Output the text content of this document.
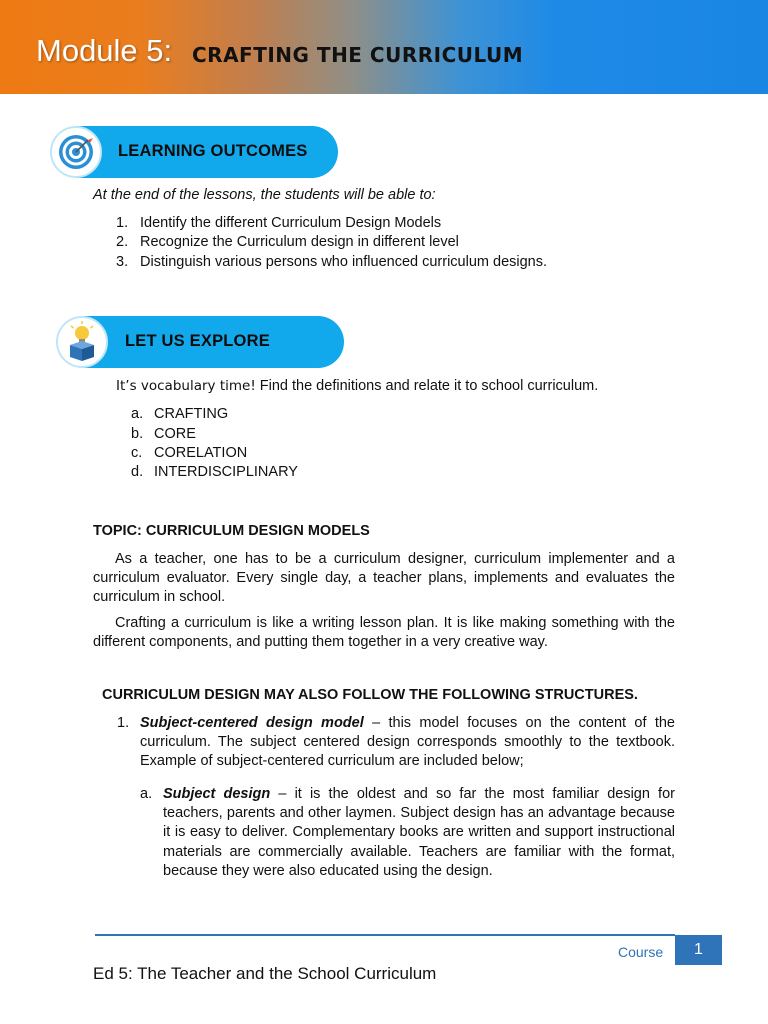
Module 5: CRAFTING THE CURRICULUM
LEARNING OUTCOMES
At the end of the lessons, the students will be able to:
1. Identify the different Curriculum Design Models
2. Recognize the Curriculum design in different level
3. Distinguish various persons who influenced curriculum designs.
LET US EXPLORE
It’s vocabulary time! Find the definitions and relate it to school curriculum.
a. CRAFTING
b. CORE
c. CORELATION
d. INTERDISCIPLINARY
TOPIC: CURRICULUM DESIGN MODELS
As a teacher, one has to be a curriculum designer, curriculum implementer and a curriculum evaluator. Every single day, a teacher plans, implements and evaluates the curriculum in school.
Crafting a curriculum is like a writing lesson plan. It is like making something with the different components, and putting them together in a very creative way.
CURRICULUM DESIGN MAY ALSO FOLLOW THE FOLLOWING STRUCTURES.
1. Subject-centered design model – this model focuses on the content of the curriculum. The subject centered design corresponds smoothly to the textbook. Example of subject-centered curriculum are included below;
a. Subject design – it is the oldest and so far the most familiar design for teachers, parents and other laymen. Subject design has an advantage because it is easy to deliver. Complementary books are written and support instructional materials are commercially available. Teachers are familiar with the format, because they were also educated using the design.
Course	1
Ed 5: The Teacher and the School Curriculum
